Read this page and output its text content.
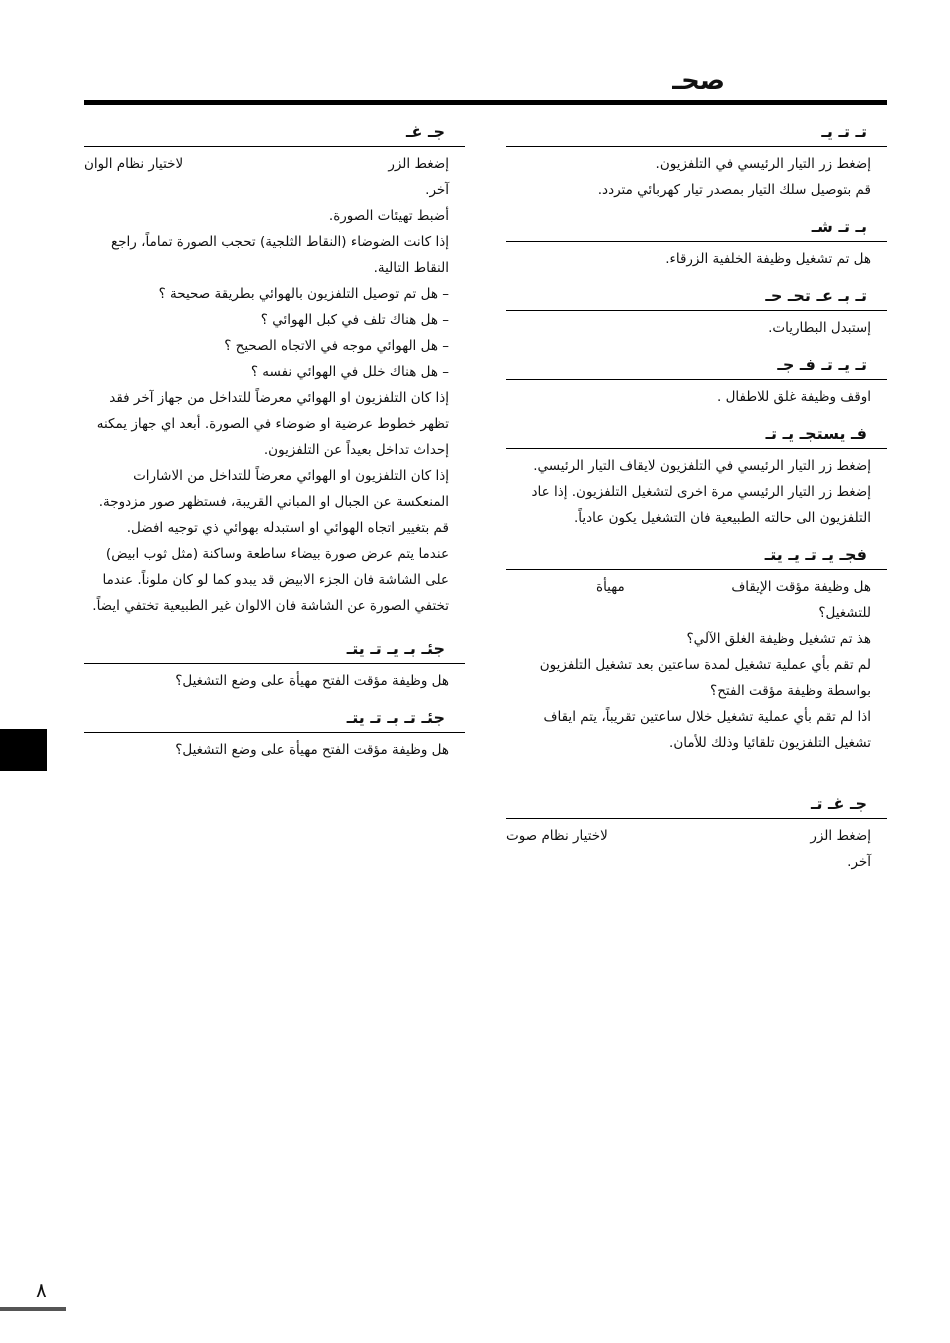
صحـ
تـ تـ يـ

إضغط زر التيار الرئيسي في التلفزيون.

قم بتوصيل سلك التيار بمصدر تيار كهربائي متردد.

بـ تـ شـ

هل تم تشغيل وظيفة الخلفية الزرقاء.

تـ بـ عـ تحـ حـ

إستبدل البطاريات.

تـ يـ تـ فـ جـ

اوقف وظيفة غلق للاطفال .

فـ يستجـ يـ تـ

إضغط زر التيار الرئيسي في التلفزيون لايقاف التيار الرئيسي. إضغط زر التيار الرئيسي مرة اخرى لتشغيل التلفزيون. إذا عاد التلفزيون الى حالته الطبيعية فان التشغيل يكون عادياً.

فجـ يـ تـ يـ يتـ
هل وظيفة مؤقت الإيقاف
مهيأة

للتشغيل؟

هذ تم تشغيل وظيفة الغلق الآلي؟

لم تقم بأي عملية تشغيل لمدة ساعتين بعد تشغيل التلفزيون بواسطة وظيفة مؤقت الفتح؟

اذا لم تقم بأي عملية تشغيل خلال ساعتين تقريباً، يتم ايقاف تشغيل التلفزيون تلقائيا وذلك للأمان.

جـ غـ تـ
إضغط الزر
لاختيار نظام صوت

آخر.

جـ غـ
إضغط الزر
لاختيار نظام الوان

آخر.

أضبط تهيئات الصورة.

إذا كانت الضوضاء (النقاط الثلجية) تحجب الصورة تماماً، راجع النقاط التالية.

– هل تم توصيل التلفزيون بالهوائي بطريقة صحيحة ؟

– هل هناك تلف في كبل الهوائي ؟

– هل الهوائي موجه في الاتجاه الصحيح ؟

– هل هناك خلل في الهوائي نفسه ؟

إذا كان التلفزيون او الهوائي معرضاً للتداخل من جهاز آخر فقد تظهر خطوط عرضية او ضوضاء في الصورة. أبعد اي جهاز يمكنه إحداث تداخل بعيداً عن التلفزيون.

إذا كان التلفزيون او الهوائي معرضاً للتداخل من الاشارات المنعكسة عن الجبال او المباني القريبة، فستظهر صور مزدوجة. قم بتغيير اتجاه الهوائي او استبدله بهوائي ذي توجيه افضل.

عندما يتم عرض صورة بيضاء ساطعة وساكنة (مثل ثوب ابيض) على الشاشة فان الجزء الابيض قد يبدو كما لو كان ملوناً. عندما تختفي الصورة عن الشاشة فان الالوان غير الطبيعية تختفي ايضاً.

جئـ بـ يـ تـ يتـ

هل وظيفة مؤقت الفتح مهيأة على وضع التشغيل؟

جئـ تـ بـ تـ يتـ

هل وظيفة مؤقت الفتح مهيأة على وضع التشغيل؟

٨
